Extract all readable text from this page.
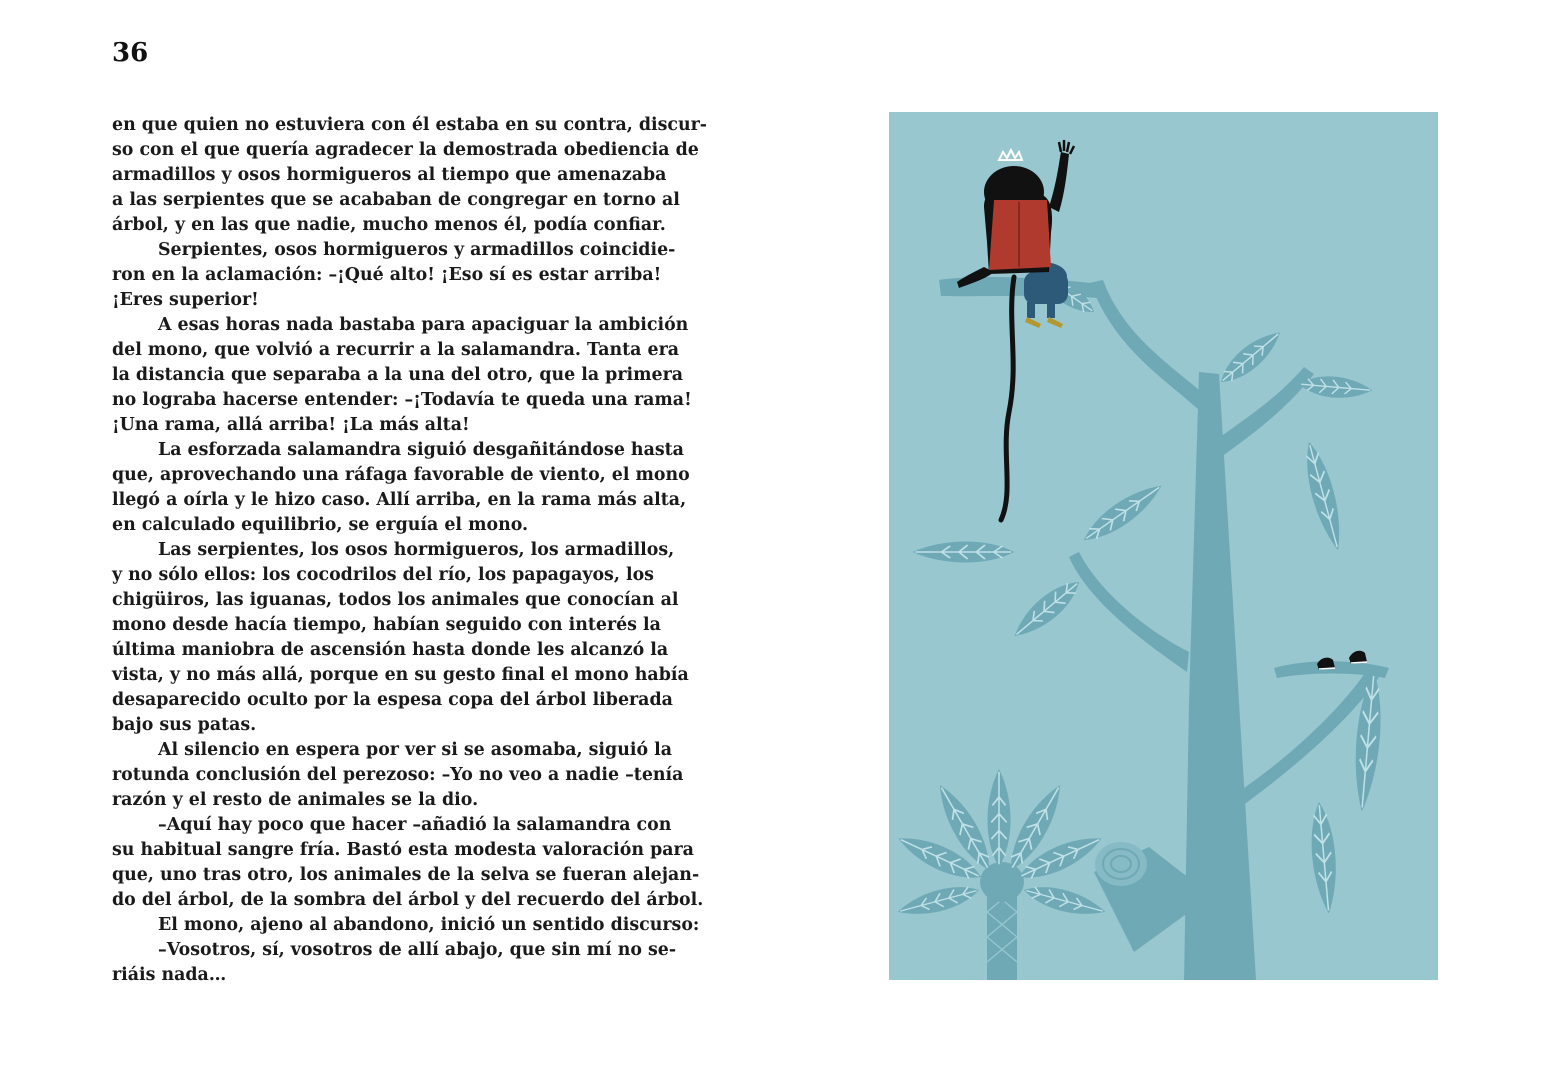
36
en que quien no estuviera con él estaba en su contra, discur-
so con el que quería agradecer la demostrada obediencia de
armadillos y osos hormigueros al tiempo que amenazaba
a las serpientes que se acababan de congregar en torno al
árbol, y en las que nadie, mucho menos él, podía confiar.
Serpientes, osos hormigueros y armadillos coincidie-
ron en la aclamación: –¡Qué alto! ¡Eso sí es estar arriba!
¡Eres superior!
A esas horas nada bastaba para apaciguar la ambición
del mono, que volvió a recurrir a la salamandra. Tanta era
la distancia que separaba a la una del otro, que la primera
no lograba hacerse entender: –¡Todavía te queda una rama!
¡Una rama, allá arriba! ¡La más alta!
La esforzada salamandra siguió desgañitándose hasta
que, aprovechando una ráfaga favorable de viento, el mono
llegó a oírla y le hizo caso. Allí arriba, en la rama más alta,
en calculado equilibrio, se erguía el mono.
Las serpientes, los osos hormigueros, los armadillos,
y no sólo ellos: los cocodrilos del río, los papagayos, los
chigüiros, las iguanas, todos los animales que conocían al
mono desde hacía tiempo, habían seguido con interés la
última maniobra de ascensión hasta donde les alcanzó la
vista, y no más allá, porque en su gesto final el mono había
desaparecido oculto por la espesa copa del árbol liberada
bajo sus patas.
Al silencio en espera por ver si se asomaba, siguió la
rotunda conclusión del perezoso: –Yo no veo a nadie –tenía
razón y el resto de animales se la dio.
–Aquí hay poco que hacer –añadió la salamandra con
su habitual sangre fría. Bastó esta modesta valoración para
que, uno tras otro, los animales de la selva se fueran alejan-
do del árbol, de la sombra del árbol y del recuerdo del árbol.
El mono, ajeno al abandono, inició un sentido discurso:
–Vosotros, sí, vosotros de allí abajo, que sin mí no se-
riáis nada…
